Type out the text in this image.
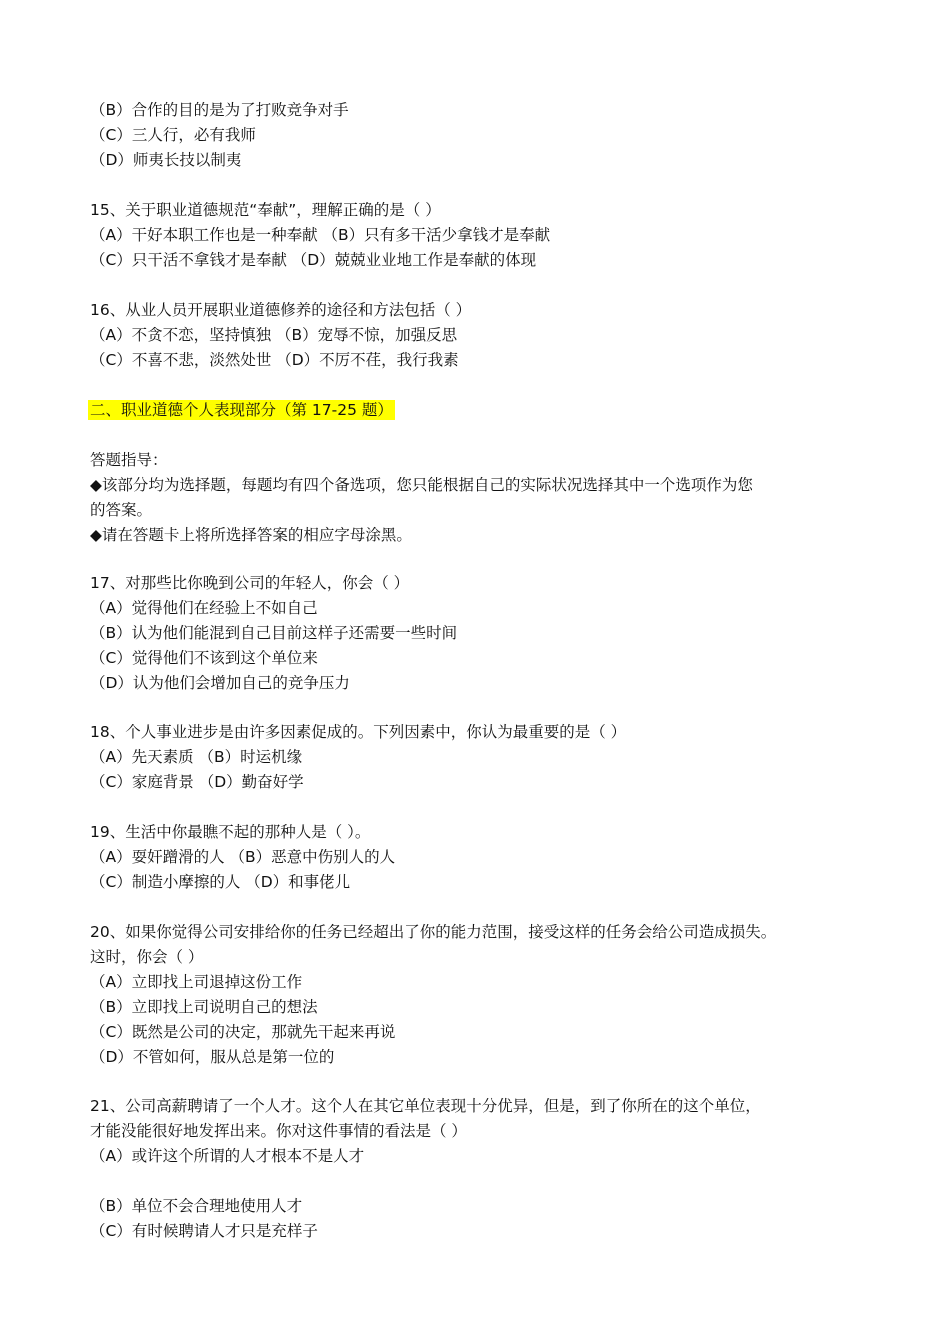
（B）合作的目的是为了打败竞争对手
（C）三人行，必有我师
（D）师夷长技以制夷
15、关于职业道德规范“奉献”，理解正确的是（ ）
（A）干好本职工作也是一种奉献 （B）只有多干活少拿钱才是奉献
（C）只干活不拿钱才是奉献 （D）兢兢业业地工作是奉献的体现
16、从业人员开展职业道德修养的途径和方法包括（ ）
（A）不贪不恋，坚持慎独 （B）宠辱不惊，加强反思
（C）不喜不悲，淡然处世 （D）不厉不荏，我行我素
二、职业道德个人表现部分（第 17-25 题）
答题指导：
◆该部分均为选择题，每题均有四个备选项，您只能根据自己的实际状况选择其中一个选项作为您
的答案。
◆请在答题卡上将所选择答案的相应字母涂黑。
17、对那些比你晚到公司的年轻人，你会（ ）
（A）觉得他们在经验上不如自己
（B）认为他们能混到自己目前这样子还需要一些时间
（C）觉得他们不该到这个单位来
（D）认为他们会增加自己的竞争压力
18、个人事业进步是由许多因素促成的。下列因素中，你认为最重要的是（ ）
（A）先天素质 （B）时运机缘
（C）家庭背景 （D）勤奋好学
19、生活中你最瞧不起的那种人是（ ）。
（A）耍奸蹭滑的人 （B）恶意中伤别人的人
（C）制造小摩擦的人 （D）和事佬儿
20、如果你觉得公司安排给你的任务已经超出了你的能力范围，接受这样的任务会给公司造成损失。
这时，你会（ ）
（A）立即找上司退掉这份工作
（B）立即找上司说明自己的想法
（C）既然是公司的决定，那就先干起来再说
（D）不管如何，服从总是第一位的
21、公司高薪聘请了一个人才。这个人在其它单位表现十分优异，但是，到了你所在的这个单位，
才能没能很好地发挥出来。你对这件事情的看法是（ ）
（A）或许这个所谓的人才根本不是人才
（B）单位不会合理地使用人才
（C）有时候聘请人才只是充样子
